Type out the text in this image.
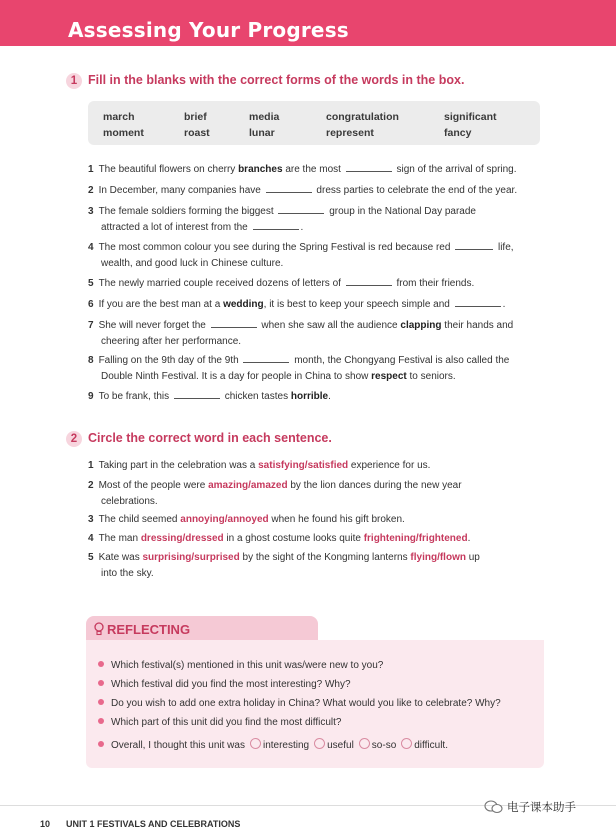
Assessing Your Progress
1 Fill in the blanks with the correct forms of the words in the box.
march	brief	media	congratulation	significant
moment	roast	lunar	represent	fancy
1 The beautiful flowers on cherry branches are the most	sign of the arrival of spring.
2 In December, many companies have	dress parties to celebrate the end of the year.
3 The female soldiers forming the biggest	group in the National Day parade
attracted a lot of interest from the	.
4 The most common colour you see during the Spring Festival is red because red	life,
wealth, and good luck in Chinese culture.
5 The newly married couple received dozens of letters of	from their friends.
6 If you are the best man at a wedding, it is best to keep your speech simple and	.
7 She will never forget the	when she saw all the audience clapping their hands and
cheering after her performance.
8 Falling on the 9th day of the 9th	month, the Chongyang Festival is also called the
Double Ninth Festival. It is a day for people in China to show respect to seniors.
9 To be frank, this	chicken tastes horrible.
2 Circle the correct word in each sentence.
1 Taking part in the celebration was a satisfying/satisfied experience for us.
2 Most of the people were amazing/amazed by the lion dances during the new year
celebrations.
3 The child seemed annoying/annoyed when he found his gift broken.
4 The man dressing/dressed in a ghost costume looks quite frightening/frightened.
5 Kate was surprising/surprised by the sight of the Kongming lanterns flying/flown up
into the sky.
REFLECTING
Which festival(s) mentioned in this unit was/were new to you?
Which festival did you find the most interesting? Why?
Do you wish to add one extra holiday in China? What would you like to celebrate? Why?
Which part of this unit did you find the most difficult?
Overall, I thought this unit was interesting useful so-so difficult.
10 UNIT 1 FESTIVALS AND CELEBRATIONS
电子课本助手
